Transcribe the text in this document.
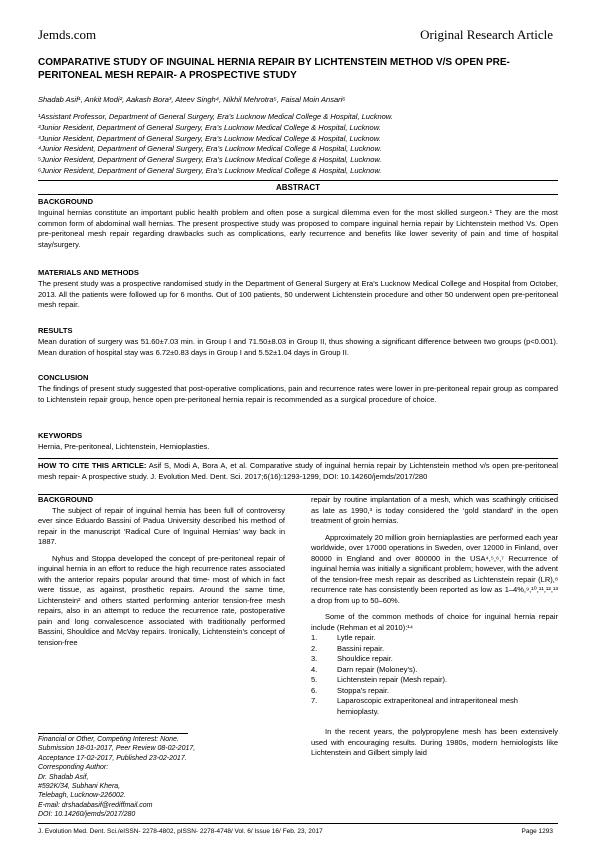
Jemds.com	Original Research Article
COMPARATIVE STUDY OF INGUINAL HERNIA REPAIR BY LICHTENSTEIN METHOD V/S OPEN PRE-PERITONEAL MESH REPAIR- A PROSPECTIVE STUDY
Shadab Asif¹, Ankit Modi², Aakash Bora³, Ateev Singh⁴, Nikhil Mehrotra⁵, Faisal Moin Ansari⁶
¹Assistant Professor, Department of General Surgery, Era’s Lucknow Medical College & Hospital, Lucknow.
²Junior Resident, Department of General Surgery, Era’s Lucknow Medical College & Hospital, Lucknow.
³Junior Resident, Department of General Surgery, Era’s Lucknow Medical College & Hospital, Lucknow.
⁴Junior Resident, Department of General Surgery, Era’s Lucknow Medical College & Hospital, Lucknow.
⁵Junior Resident, Department of General Surgery, Era’s Lucknow Medical College & Hospital, Lucknow.
⁶Junior Resident, Department of General Surgery, Era’s Lucknow Medical College & Hospital, Lucknow.
ABSTRACT
BACKGROUND

Inguinal hernias constitute an important public health problem and often pose a surgical dilemma even for the most skilled surgeon.¹ They are the most common form of abdominal wall hernias. The present prospective study was proposed to compare inguinal hernia repair by Lichtenstein method Vs. Open pre-peritoneal mesh repair regarding drawbacks such as complications, early recurrence and benefits like lower severity of pain and time of hospital stay/surgery.

MATERIALS AND METHODS

The present study was a prospective randomised study in the Department of General Surgery at Era’s Lucknow Medical College and Hospital from October, 2013. All the patients were followed up for 6 months. Out of 100 patients, 50 underwent Lichtenstein procedure and other 50 underwent open pre-peritoneal mesh repair.

RESULTS

Mean duration of surgery was 51.60±7.03 min. in Group I and 71.50±8.03 in Group II, thus showing a significant difference between two groups (p<0.001). Mean duration of hospital stay was 6.72±0.83 days in Group I and 5.52±1.04 days in Group II.

CONCLUSION

The findings of present study suggested that post-operative complications, pain and recurrence rates were lower in pre-peritoneal repair group as compared to Lichtenstein repair group, hence open pre-peritoneal hernia repair is recommended as a surgical procedure of choice.

KEYWORDS

Hernia, Pre-peritoneal, Lichtenstein, Hernioplasties.

HOW TO CITE THIS ARTICLE: Asif S, Modi A, Bora A, et al. Comparative study of inguinal hernia repair by Lichtenstein method v/s open pre-peritoneal mesh repair- A prospective study. J. Evolution Med. Dent. Sci. 2017;6(16):1293-1299, DOI: 10.14260/jemds/2017/280
BACKGROUND

The subject of repair of inguinal hernia has been full of controversy ever since Eduardo Bassini of Padua University described his method of repair in the manuscript ‘Radical Cure of Inguinal Hernias’ way back in 1887.

Nyhus and Stoppa developed the concept of pre-peritoneal repair of inguinal hernia in an effort to reduce the high recurrence rates associated with the anterior repairs popular around that time- most of which in fact were tissue, as against, prosthetic repairs. Around the same time, Lichtenstein² and others started performing anterior tension-free mesh repairs, also in an attempt to reduce the recurrence rate, postoperative pain and long convalescence associated with traditionally performed Bassini, Shouldice and McVay repairs. Ironically, Lichtenstein’s concept of tension-free

Financial or Other, Competing Interest: None.
Submission 18-01-2017, Peer Review 08-02-2017,
Acceptance 17-02-2017, Published 23-02-2017.
Corresponding Author:
Dr. Shadab Asif,
#592K/34, Subhani Khera,
Telebagh, Lucknow-226002.
E-mail: drshadabasif@rediffmail.com
DOI: 10.14260/jemds/2017/280

repair by routine implantation of a mesh, which was scathingly criticised as late as 1990,³ is today considered the ‘gold standard’ in the open treatment of groin hernias.

Approximately 20 million groin herniaplasties are performed each year worldwide, over 17000 operations in Sweden, over 12000 in Finland, over 80000 in England and over 800000 in the USA⁴,⁵,⁶,⁷ Recurrence of inguinal hernia was initially a significant problem; however, with the advent of the tension-free mesh repair as described as Lichtenstein repair (LR),⁸ recurrence rate has consistently been reported as low as 1–4%,⁹,¹⁰,¹¹,¹²,¹³ a drop from up to 50–60%.

Some of the common methods of choice for inguinal hernia repair include (Rehman et al 2010):¹⁴

1.	Lytle repair.
2.	Bassini repair.
3.	Shouldice repair.
4.	Darn repair (Moloney’s).
5.	Lichtenstein repair (Mesh repair).
6.	Stoppa’s repair.
7.	Laparoscopic extraperitoneal and intraperitoneal mesh hernioplasty.

In the recent years, the polypropylene mesh has been extensively used with encouraging results. During 1980s, modern herniologists like Lichtenstein and Gilbert simply laid

J. Evolution Med. Dent. Sci./eISSN- 2278-4802, pISSN- 2278-4748/ Vol. 6/ Issue 16/ Feb. 23, 2017	Page 1293
